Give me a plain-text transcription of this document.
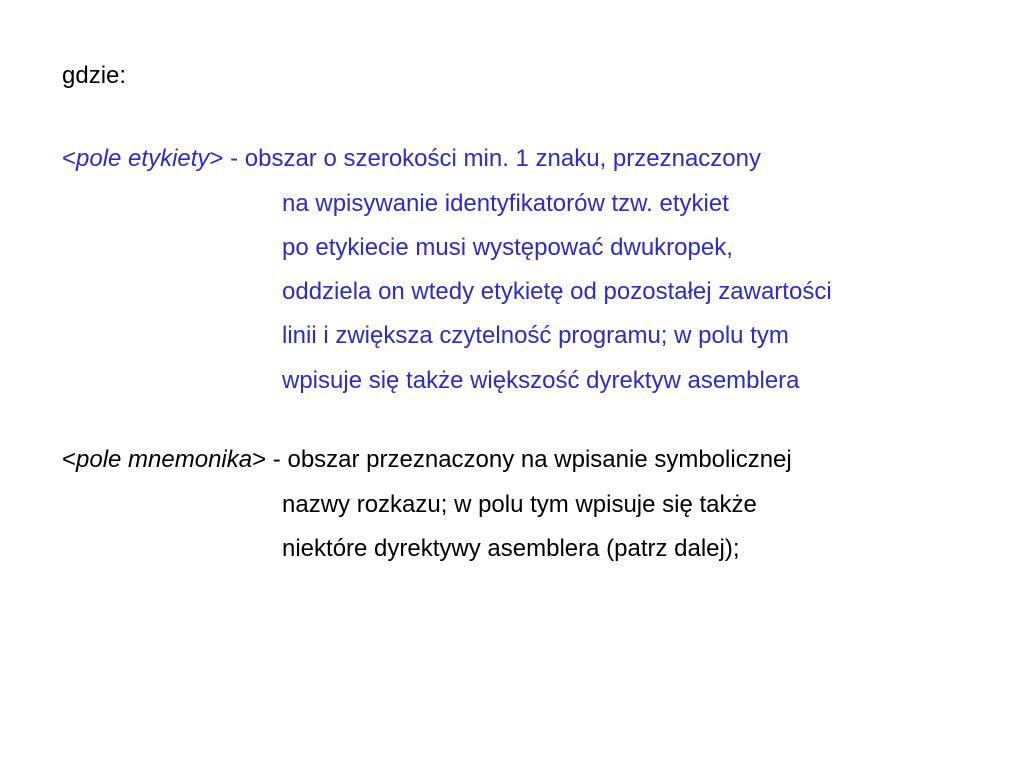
gdzie:
<pole etykiety> - obszar o szerokości min. 1 znaku, przeznaczony
na wpisywanie identyfikatorów tzw. etykiet
po etykiecie musi występować dwukropek,
oddziela on wtedy etykietę od pozostałej zawartości
linii i zwiększa czytelność programu; w polu tym
wpisuje się także większość dyrektyw asemblera
<pole mnemonika> - obszar przeznaczony na wpisanie symbolicznej
nazwy rozkazu; w polu tym wpisuje się także
niektóre dyrektywy asemblera (patrz dalej);
